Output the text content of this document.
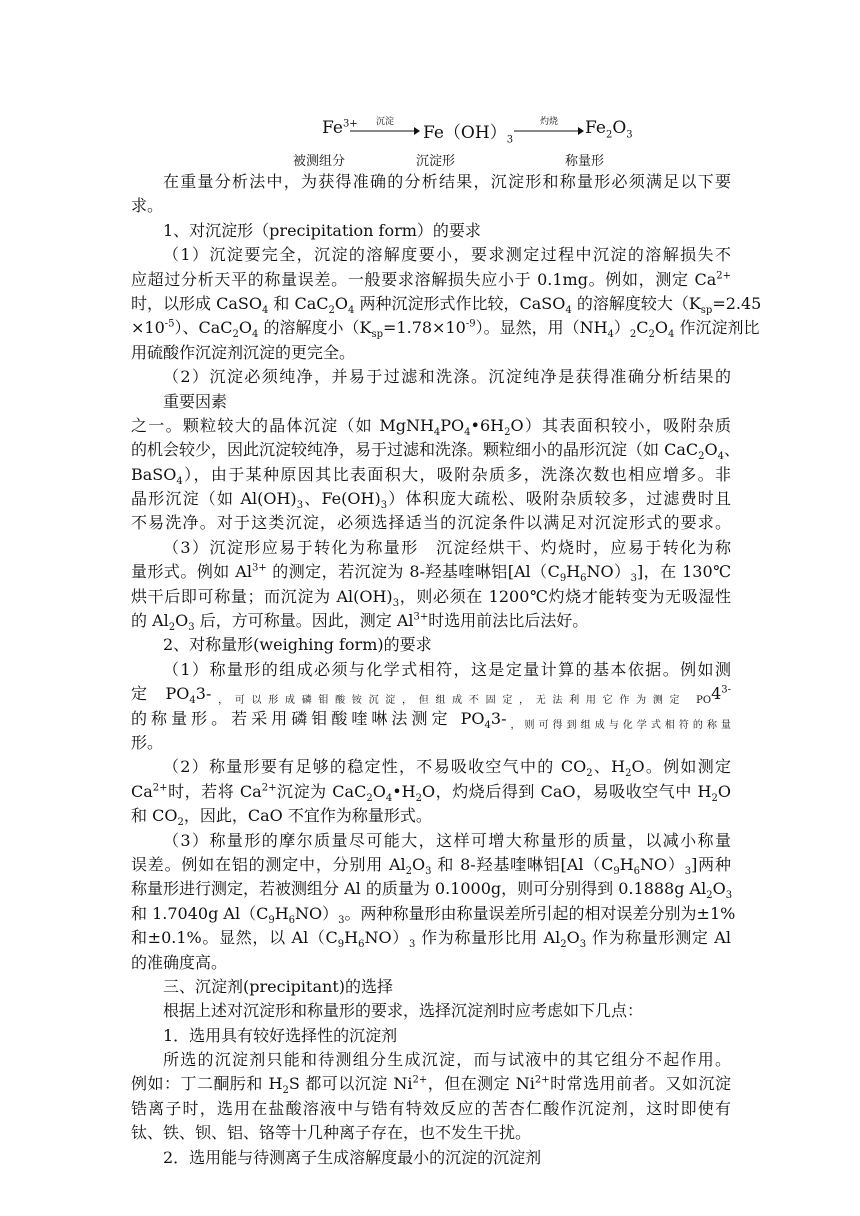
$Fe^{3+}$	沉淀
$Fe(OH)_3$
灼烧	$Fe_2O_3$
被测组分	沉淀形	称量形
在重量分析法中，为获得准确的分析结果，沉淀形和称量形必须满足以下要
求。
1、对沉淀形（precipitation form）的要求
（1）沉淀要完全，沉淀的溶解度要小，要求测定过程中沉淀的溶解损失不
应超过分析天平的称量误差。一般要求溶解损失应小于 0.1mg。例如，测定 $Ca^{2+}$
时，以形成 CaSO$_4$ 和 $CaC_2O_4$ 两种沉淀形式作比较，CaSO$_4$ 的溶解度较大（$K_{sp}=2.45$
$\times 10^{-5}$）、$CaC_2O_4$ 的溶解度小$(K_{sp}=1.78\times 10^{-9})$。显然，用$(NH_4)_2C_2O_4$ 作沉淀剂比
用硫酸作沉淀剂沉淀的更完全。
（2）沉淀必须纯净，并易于过滤和洗涤。沉淀纯净是获得准确分析结果的
重要因素
之一。颗粒较大的晶体沉淀（如 $MgNH_4PO_4•6H_2O$）其表面积较小，吸附杂质
的机会较少，因此沉淀较纯净，易于过滤和洗涤。颗粒细小的晶形沉淀（如 $CaC_2O_4$、
BaSO$_4$），由于某种原因其比表面积大，吸附杂质多，洗涤次数也相应增多。非
晶形沉淀（如 $Al(OH)_3$、$Fe(OH)_3$）体积庞大疏松、吸附杂质较多，过滤费时且
不易洗净。对于这类沉淀，必须选择适当的沉淀条件以满足对沉淀形式的要求。
（3）沉淀形应易于转化为称量形　沉淀经烘干、灼烧时，应易于转化为称
量形式。例如 $Al^{3+}$ 的测定，若沉淀为 8-羟基喹啉铝$[Al(C_9H_6NO)_3]$，在 130℃
烘干后即可称量；而沉淀为 $Al(OH)_3$，则必须在 1200℃灼烧才能转变为无吸湿性
的 $Al_2O_3$ 后，方可称量。因此，测定 $Al^{3+}$时选用前法比后法好。
2、对称量形(weighing form)的要求
（1）称量形的组成必须与化学式相符，这是定量计算的基本依据。例如测
定 $PO_43-_{,可以形成磷钼酸铵沉淀,但组成不固定,无法利用它作为测定 PO}4^{3-}$
的称量形。若采用磷钼酸喹啉法测定 $PO_43-_{,则可得到组成与化学式相符的称量}$
形。
（2）称量形要有足够的稳定性，不易吸收空气中的 $CO_2$、$H_2O$。例如测定
$Ca^{2+}$时，若将 $Ca^{2+}$沉淀为 $CaC_2O_4•H_2O$，灼烧后得到 CaO，易吸收空气中 $H_2O$
和 $CO_2$，因此，CaO 不宜作为称量形式。
（3）称量形的摩尔质量尽可能大，这样可增大称量形的质量，以减小称量
误差。例如在铝的测定中，分别用 $Al_2O_3$ 和 8-羟基喹啉铝$[Al(C_9H_6NO)_3]$两种
称量形进行测定，若被测组分 Al 的质量为 0.1000g，则可分别得到 0.1888g $Al_2O_3$
和 1.7040g $Al(C_9H_6NO)_3$。两种称量形由称量误差所引起的相对误差分别为±1%
和±0.1%。显然，以 $Al(C_9H_6NO)_3$ 作为称量形比用 $Al_2O_3$ 作为称量形测定 Al
的准确度高。
三、沉淀剂(precipitant)的选择
根据上述对沉淀形和称量形的要求，选择沉淀剂时应考虑如下几点：
1．选用具有较好选择性的沉淀剂
所选的沉淀剂只能和待测组分生成沉淀，而与试液中的其它组分不起作用。
例如：丁二酮肟和 $H_2S$ 都可以沉淀 $Ni^{2+}$，但在测定 $Ni^{2+}$时常选用前者。又如沉淀
锆离子时，选用在盐酸溶液中与锆有特效反应的苦杏仁酸作沉淀剂，这时即使有
钛、铁、钡、铝、铬等十几种离子存在，也不发生干扰。
2．选用能与待测离子生成溶解度最小的沉淀的沉淀剂
